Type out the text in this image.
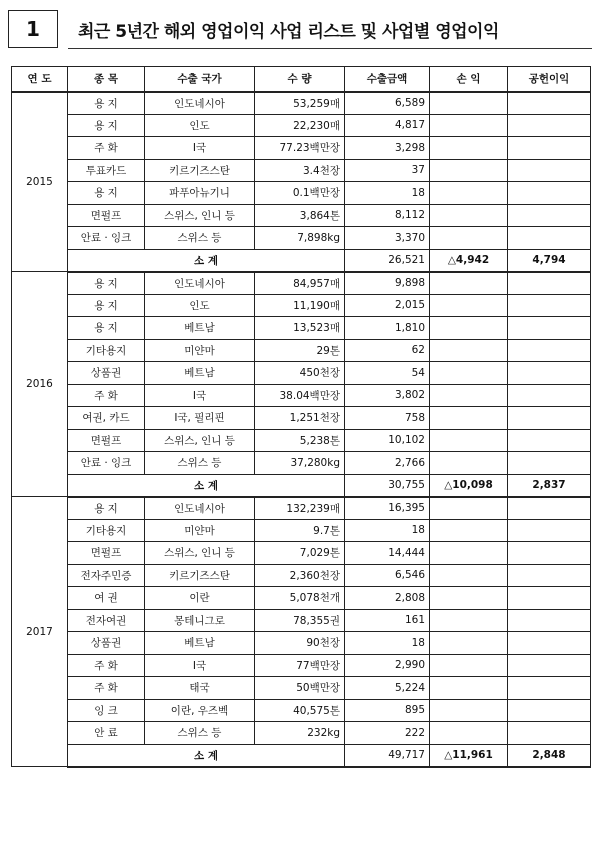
1	최근 5년간 해외 영업이익 사업 리스트 및 사업별 영업이익
연 도	종 목	수출 국가	수 량	수출금액	손 익	공헌이익
2015	용 지	인도네시아	53,259매	6,589		
	용 지	인도	22,230매	4,817		
	주 화	I국	77.23백만장	3,298		
	투표카드	키르기즈스탄	3.4천장	37		
	용 지	파푸아뉴기니	0.1백만장	18		
	면펄프	스위스, 인니 등	3,864톤	8,112		
	안료 · 잉크	스위스 등	7,898kg	3,370		
	소 계			26,521	△4,942	4,794
2016	용 지	인도네시아	84,957매	9,898		
	용 지	인도	11,190매	2,015		
	용 지	베트남	13,523매	1,810		
	기타용지	미얀마	29톤	62		
	상품권	베트남	450천장	54		
	주 화	I국	38.04백만장	3,802		
	여권, 카드	I국, 필리핀	1,251천장	758		
	면펄프	스위스, 인니 등	5,238톤	10,102		
	안료 · 잉크	스위스 등	37,280kg	2,766		
	소 계			30,755	△10,098	2,837
2017	용 지	인도네시아	132,239매	16,395		
	기타용지	미얀마	9.7톤	18		
	면펄프	스위스, 인니 등	7,029톤	14,444		
	전자주민증	키르기즈스탄	2,360천장	6,546		
	여 권	이란	5,078천개	2,808		
	전자여권	몽테니그로	78,355권	161		
	상품권	베트남	90천장	18		
	주 화	I국	77백만장	2,990		
	주 화	태국	50백만장	5,224		
	잉 크	이란, 우즈벡	40,575톤	895		
	안 료	스위스 등	232kg	222		
	소 계			49,717	△11,961	2,848
